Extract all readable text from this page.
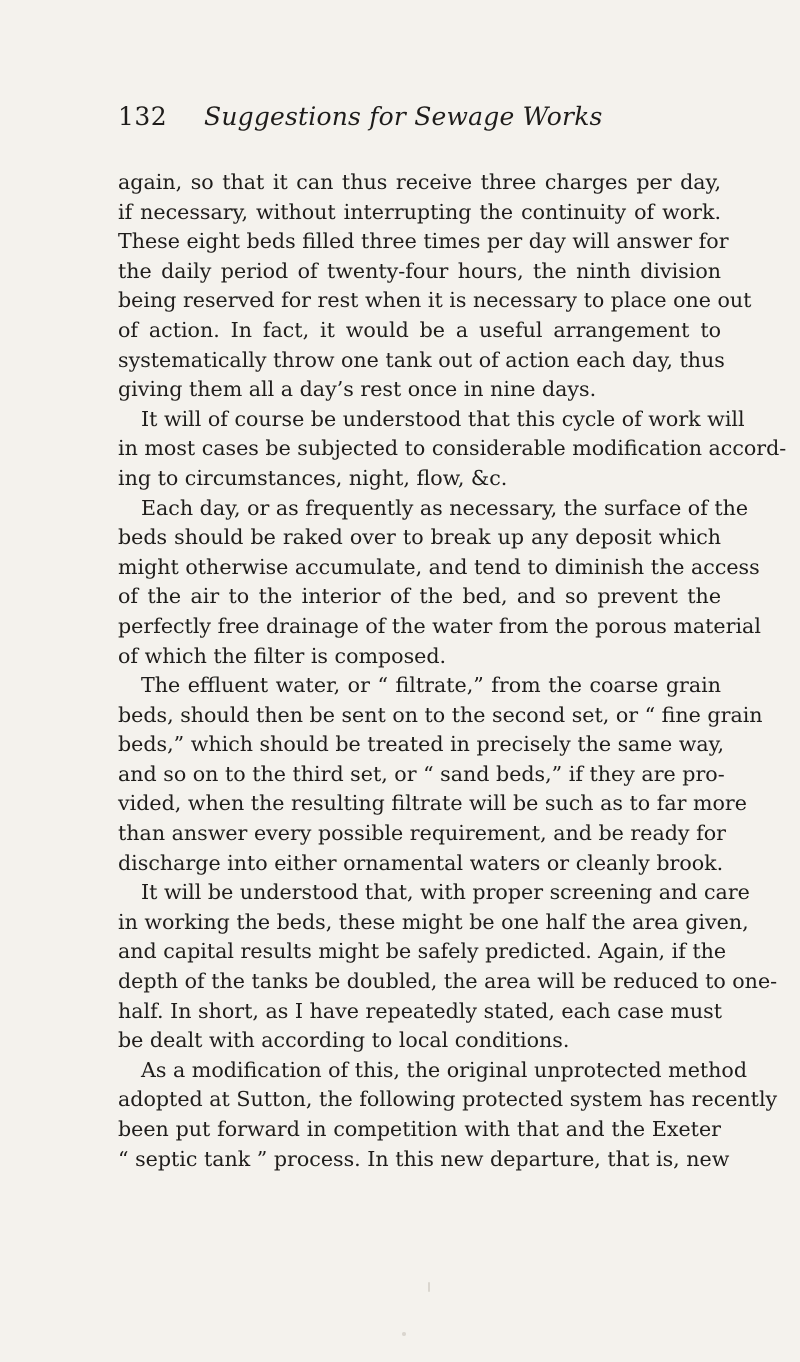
132 Suggestions for Sewage Works
again, so that it can thus receive three charges per day,
if necessary, without interrupting the continuity of work.
These eight beds filled three times per day will answer for
the daily period of twenty-four hours, the ninth division
being reserved for rest when it is necessary to place one out
of action. In fact, it would be a useful arrangement to
systematically throw one tank out of action each day, thus
giving them all a day’s rest once in nine days.
It will of course be understood that this cycle of work will
in most cases be subjected to considerable modification accord-
ing to circumstances, night, flow, &c.
Each day, or as frequently as necessary, the surface of the
beds should be raked over to break up any deposit which
might otherwise accumulate, and tend to diminish the access
of the air to the interior of the bed, and so prevent the
perfectly free drainage of the water from the porous material
of which the filter is composed.
The effluent water, or “ filtrate,” from the coarse grain
beds, should then be sent on to the second set, or “ fine grain
beds,” which should be treated in precisely the same way,
and so on to the third set, or “ sand beds,” if they are pro-
vided, when the resulting filtrate will be such as to far more
than answer every possible requirement, and be ready for
discharge into either ornamental waters or cleanly brook.
It will be understood that, with proper screening and care
in working the beds, these might be one half the area given,
and capital results might be safely predicted. Again, if the
depth of the tanks be doubled, the area will be reduced to one-
half. In short, as I have repeatedly stated, each case must
be dealt with according to local conditions.
As a modification of this, the original unprotected method
adopted at Sutton, the following protected system has recently
been put forward in competition with that and the Exeter
“ septic tank ” process. In this new departure, that is, new
